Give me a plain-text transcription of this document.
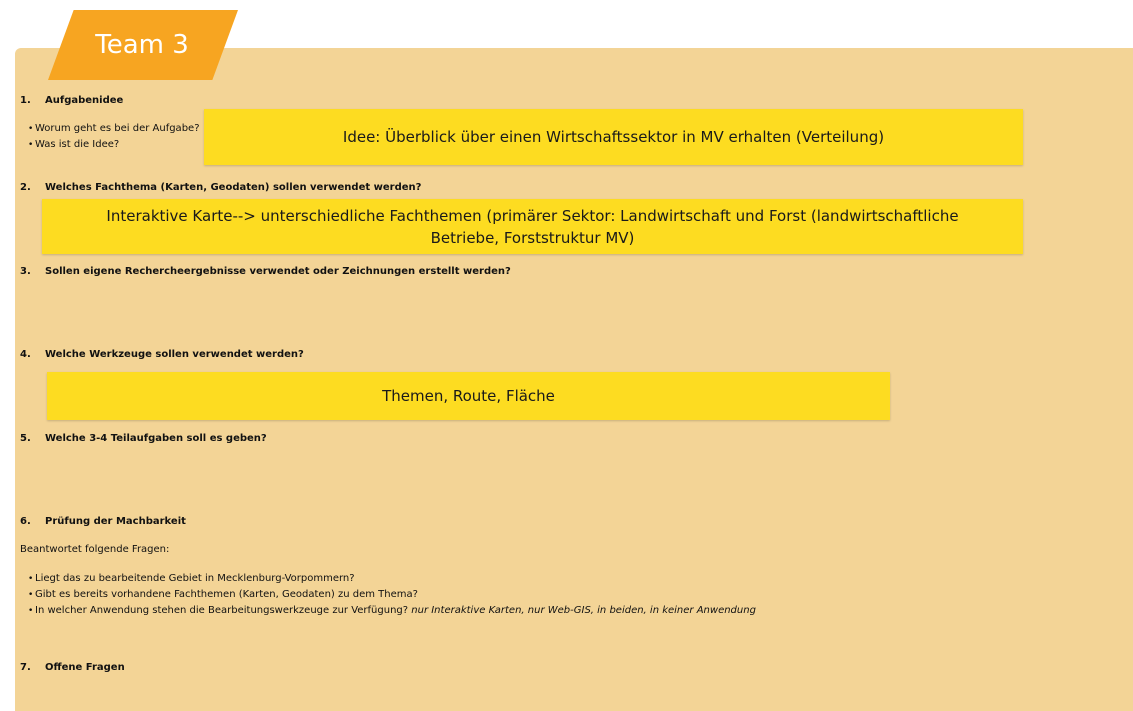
Team 3
1. Aufgabenidee
• Worum geht es bei der Aufgabe?
• Was ist die Idee?	Idee: Überblick über einen Wirtschaftssektor in MV erhalten (Verteilung)
2. Welches Fachthema (Karten, Geodaten) sollen verwendet werden?
Interaktive Karte--> unterschiedliche Fachthemen (primärer Sektor: Landwirtschaft und Forst (landwirtschaftliche Betriebe, Forststruktur MV)
3. Sollen eigene Rechercheergebnisse verwendet oder Zeichnungen erstellt werden?
4. Welche Werkzeuge sollen verwendet werden?
Themen, Route, Fläche
5. Welche 3-4 Teilaufgaben soll es geben?
6. Prüfung der Machbarkeit
Beantwortet folgende Fragen:
• Liegt das zu bearbeitende Gebiet in Mecklenburg-Vorpommern?
• Gibt es bereits vorhandene Fachthemen (Karten, Geodaten) zu dem Thema?
• In welcher Anwendung stehen die Bearbeitungswerkzeuge zur Verfügung? nur Interaktive Karten, nur Web-GIS, in beiden, in keiner Anwendung
7. Offene Fragen
